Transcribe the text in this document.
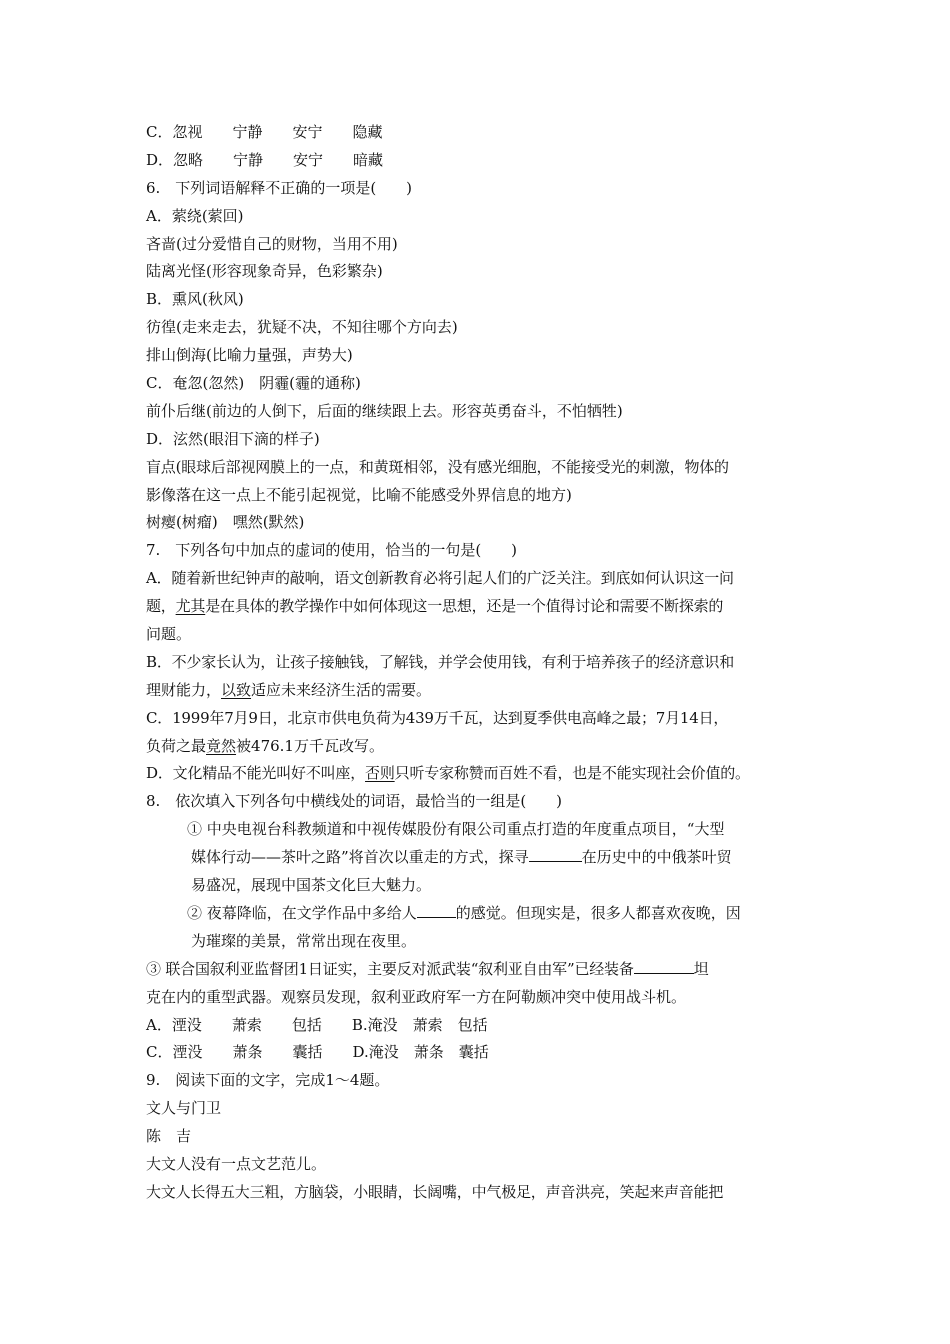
C．忽视　　宁静　　安宁　　隐藏
D．忽略　　宁静　　安宁　　暗藏
6.　下列词语解释不正确的一项是(　　)
A．萦绕(萦回)
吝啬(过分爱惜自己的财物，当用不用)
陆离光怪(形容现象奇异，色彩繁杂)
B．熏风(秋风)
彷徨(走来走去，犹疑不决，不知往哪个方向去)
排山倒海(比喻力量强，声势大)
C．奄忽(忽然)　阴霾(霾的通称)
前仆后继(前边的人倒下，后面的继续跟上去。形容英勇奋斗，不怕牺牲)
D．泫然(眼泪下滴的样子)
盲点(眼球后部视网膜上的一点，和黄斑相邻，没有感光细胞，不能接受光的刺激，物体的
影像落在这一点上不能引起视觉，比喻不能感受外界信息的地方)
树瘿(树瘤)　嘿然(默然)
7.　下列各句中加点的虚词的使用，恰当的一句是(　　)
A．随着新世纪钟声的敲响，语文创新教育必将引起人们的广泛关注。到底如何认识这一问
题，尤其是在具体的教学操作中如何体现这一思想，还是一个值得讨论和需要不断探索的
问题。
B．不少家长认为，让孩子接触钱，了解钱，并学会使用钱，有利于培养孩子的经济意识和
理财能力，以致适应未来经济生活的需要。
C．1999年7月9日，北京市供电负荷为439万千瓦，达到夏季供电高峰之最；7月14日，
负荷之最竟然被476.1万千瓦改写。
D．文化精品不能光叫好不叫座，否则只听专家称赞而百姓不看，也是不能实现社会价值的。
8.　依次填入下列各句中横线处的词语，最恰当的一组是(　　)
① 中央电视台科教频道和中视传媒股份有限公司重点打造的年度重点项目，“大型
媒体行动——茶叶之路”将首次以重走的方式，探寻	在历史中的中俄茶叶贸
易盛况，展现中国茶文化巨大魅力。
② 夜幕降临，在文学作品中多给人	的感觉。但现实是，很多人都喜欢夜晚，因
为璀璨的美景，常常出现在夜里。
③ 联合国叙利亚监督团1日证实，主要反对派武装“叙利亚自由军”已经装备	坦
克在内的重型武器。观察员发现，叙利亚政府军一方在阿勒颇冲突中使用战斗机。
A．湮没　　萧索　　包括　　B.淹没　萧索　包括
C．湮没　　萧条　　囊括　　D.淹没　萧条　囊括
9.　阅读下面的文字，完成1～4题。
文人与门卫
陈　吉
大文人没有一点文艺范儿。
大文人长得五大三粗，方脑袋，小眼睛，长阔嘴，中气极足，声音洪亮，笑起来声音能把
